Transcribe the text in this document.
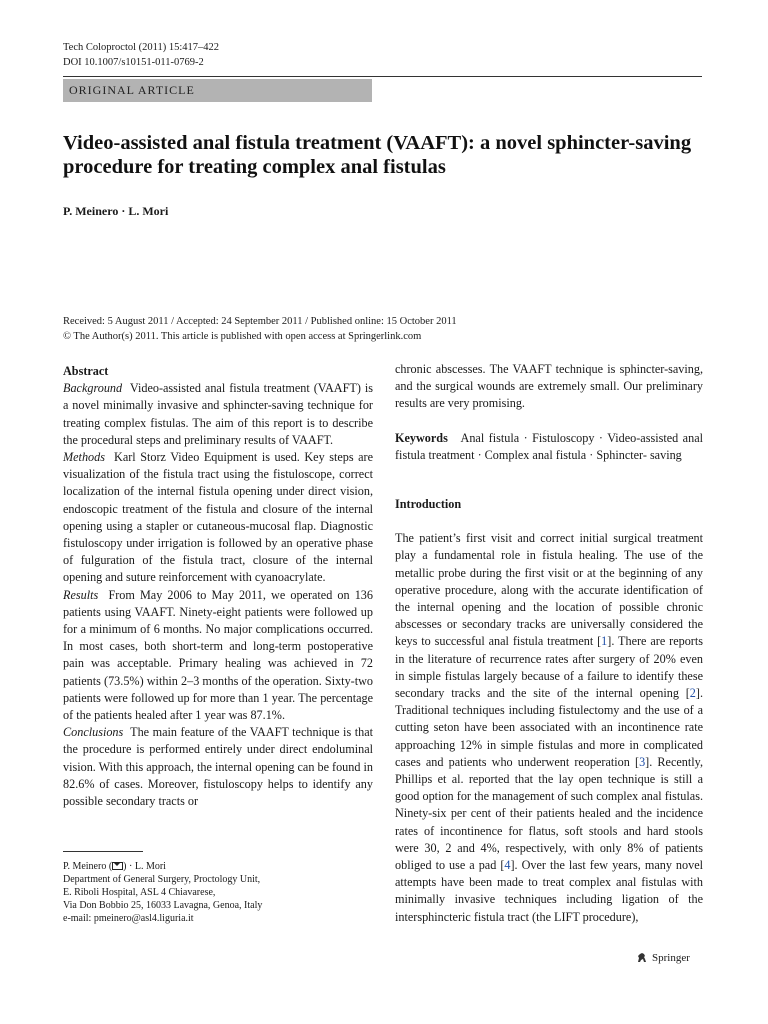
Tech Coloproctol (2011) 15:417–422
DOI 10.1007/s10151-011-0769-2
ORIGINAL ARTICLE
Video-assisted anal fistula treatment (VAAFT): a novel sphincter-saving procedure for treating complex anal fistulas
P. Meinero · L. Mori
Received: 5 August 2011 / Accepted: 24 September 2011 / Published online: 15 October 2011
© The Author(s) 2011. This article is published with open access at Springerlink.com

Abstract

Background Video-assisted anal fistula treatment (VAAFT) is a novel minimally invasive and sphincter-saving technique for treating complex fistulas. The aim of this report is to describe the procedural steps and preliminary results of VAAFT.

Methods Karl Storz Video Equipment is used. Key steps are visualization of the fistula tract using the fistuloscope, correct localization of the internal fistula opening under direct vision, endoscopic treatment of the fistula and closure of the internal opening using a stapler or cutaneous-mucosal flap. Diagnostic fistuloscopy under irrigation is followed by an operative phase of fulguration of the fistula tract, closure of the internal opening and suture reinforcement with cyanoacrylate.

Results From May 2006 to May 2011, we operated on 136 patients using VAAFT. Ninety-eight patients were followed up for a minimum of 6 months. No major complications occurred. In most cases, both short-term and long-term postoperative pain was acceptable. Primary healing was achieved in 72 patients (73.5%) within 2–3 months of the operation. Sixty-two patients were followed up for more than 1 year. The percentage of the patients healed after 1 year was 87.1%.

Conclusions The main feature of the VAAFT technique is that the procedure is performed entirely under direct endoluminal vision. With this approach, the internal opening can be found in 82.6% of cases. Moreover, fistuloscopy helps to identify any possible secondary tracts or

P. Meinero ( ) · L. Mori
Department of General Surgery, Proctology Unit,
E. Riboli Hospital, ASL 4 Chiavarese,
Via Don Bobbio 25, 16033 Lavagna, Genoa, Italy
e-mail: pmeinero@asl4.liguria.it

chronic abscesses. The VAAFT technique is sphincter-saving, and the surgical wounds are extremely small. Our preliminary results are very promising.

Keywords Anal fistula · Fistuloscopy · Video-assisted anal fistula treatment · Complex anal fistula · Sphincter- saving

Introduction

The patient’s first visit and correct initial surgical treatment play a fundamental role in fistula healing. The use of the metallic probe during the first visit or at the beginning of any operative procedure, along with the accurate identification of the internal opening and the location of possible chronic abscesses or secondary tracks are universally considered the keys to successful anal fistula treatment [1]. There are reports in the literature of recurrence rates after surgery of 20% even in simple fistulas largely because of a failure to identify these secondary tracks and the site of the internal opening [2]. Traditional techniques including fistulectomy and the use of a cutting seton have been associated with an incontinence rate approaching 12% in simple fistulas and more in complicated cases and patients who underwent reoperation [3]. Recently, Phillips et al. reported that the lay open technique is still a good option for the management of such complex anal fistulas. Ninety-six per cent of their patients healed and the incidence rates of incontinence for flatus, soft stools and hard stools were 30, 2 and 4%, respectively, with only 8% of patients obliged to use a pad [4]. Over the last few years, many novel attempts have been made to treat complex anal fistulas with minimally invasive techniques including ligation of the intersphincteric fistula tract (the LIFT procedure),

Springer
